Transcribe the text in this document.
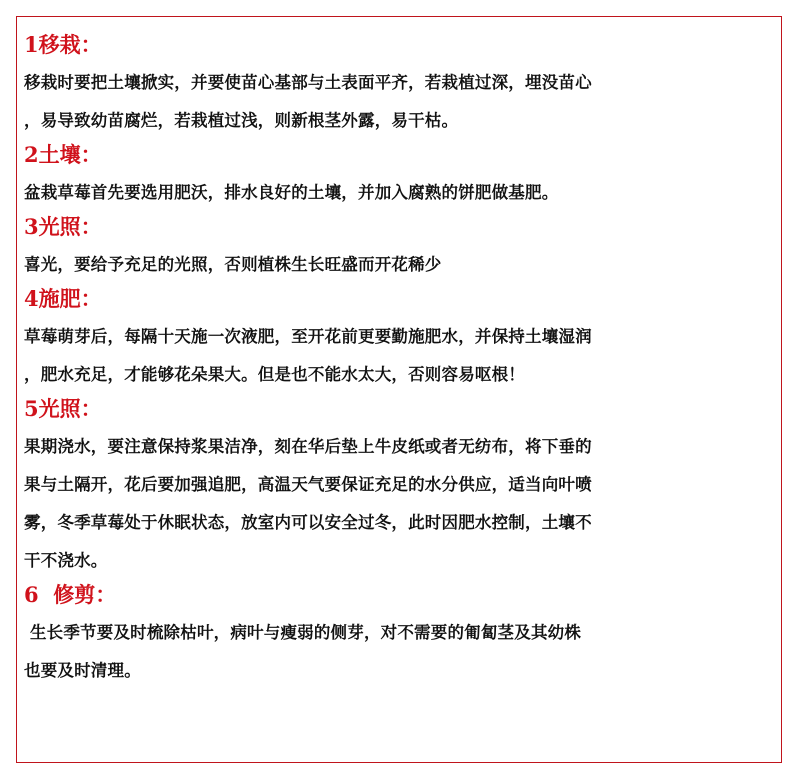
1移栽：
移栽时要把土壤掀实，并要使苗心基部与土表面平齐，若栽植过深，埋没苗心
，易导致幼苗腐烂，若栽植过浅，则新根茎外露，易干枯。
2土壤：
盆栽草莓首先要选用肥沃，排水良好的土壤，并加入腐熟的饼肥做基肥。
3光照：
喜光，要给予充足的光照，否则植株生长旺盛而开花稀少
4施肥：
草莓萌芽后，每隔十天施一次液肥，至开花前更要勤施肥水，并保持土壤湿润
，肥水充足，才能够花朵果大。但是也不能水太大，否则容易呕根！
5光照：
果期浇水，要注意保持浆果洁净，刻在华后垫上牛皮纸或者无纺布，将下垂的
果与土隔开，花后要加强追肥，高温天气要保证充足的水分供应，适当向叶喷
雾，冬季草莓处于休眠状态，放室内可以安全过冬，此时因肥水控制，土壤不
干不浇水。
6  修剪：
生长季节要及时梳除枯叶，病叶与瘦弱的侧芽，对不需要的匍匐茎及其幼株
也要及时清理。
